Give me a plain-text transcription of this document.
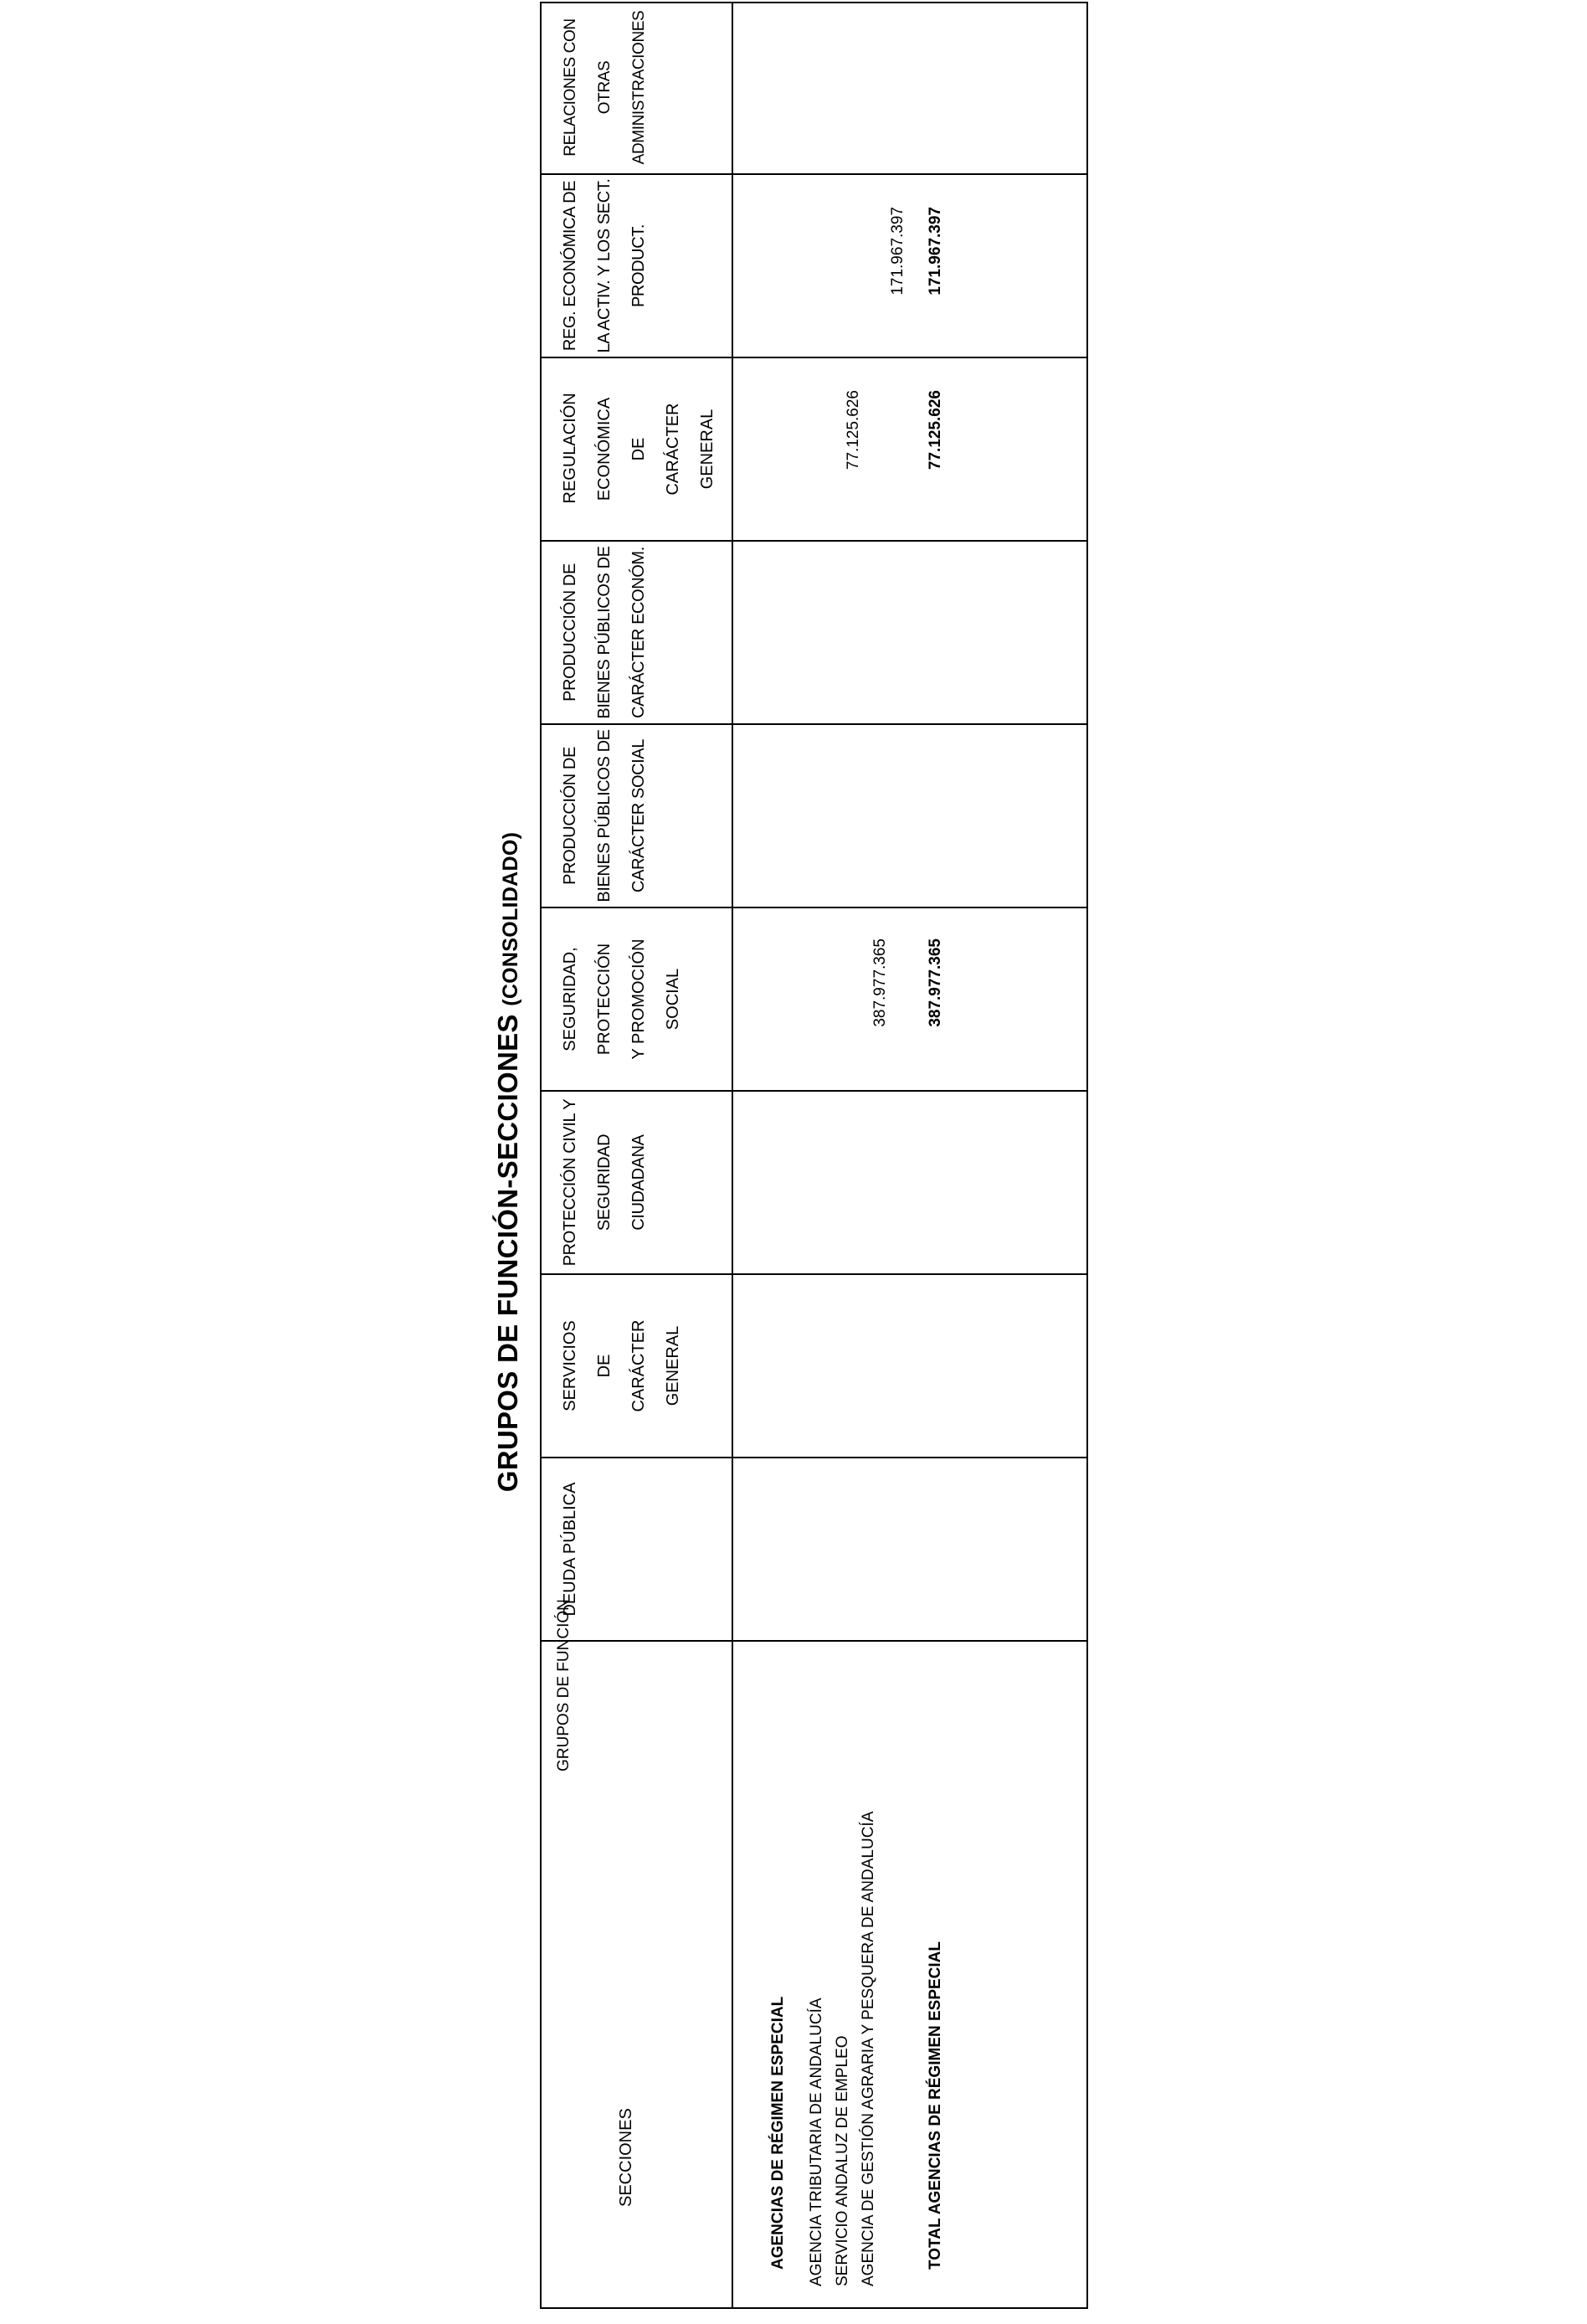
GRUPOS DE FUNCIÓN-SECCIONES (CONSOLIDADO)
GRUPOS DE FUNCIÓN
SECCIONES
DEUDA PÚBLICA
SERVICIOS DE CARÁCTER GENERAL
PROTECCIÓN CIVIL Y SEGURIDAD CIUDADANA
SEGURIDAD, PROTECCIÓN Y PROMOCIÓN SOCIAL
PRODUCCIÓN DE BIENES PÚBLICOS DE CARÁCTER SOCIAL
PRODUCCIÓN DE BIENES PÚBLICOS DE CARÁCTER ECONÓM.
REGULACIÓN ECONÓMICA DE CARÁCTER GENERAL
REG. ECONÓMICA DE LA ACTIV. Y LOS SECT. PRODUCT.
RELACIONES CON OTRAS ADMINISTRACIONES
AGENCIAS DE RÉGIMEN ESPECIAL AGENCIA TRIBUTARIA DE ANDALUCÍA
77.125.626
SERVICIO ANDALUZ DE EMPLEO
387.977.365
AGENCIA DE GESTIÓN AGRARIA Y PESQUERA DE ANDALUCÍA
171.967.397
TOTAL AGENCIAS DE RÉGIMEN ESPECIAL
387.977.365
77.125.626
171.967.397
